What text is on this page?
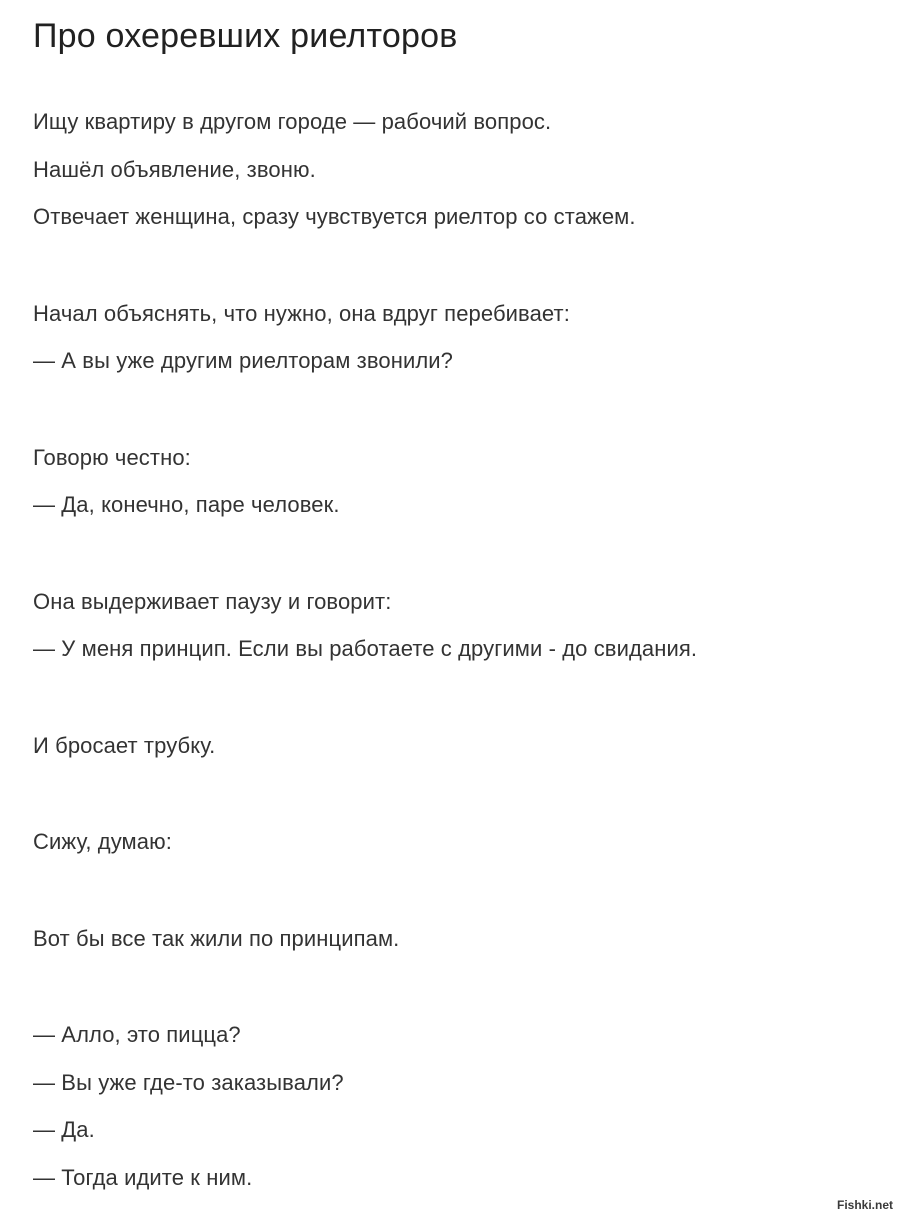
Про охеревших риелторов

Ищу квартиру в другом городе — рабочий вопрос.

Нашёл объявление, звоню.

Отвечает женщина, сразу чувствуется риелтор со стажем.

Начал объяснять, что нужно, она вдруг перебивает:

— А вы уже другим риелторам звонили?

Говорю честно:

— Да, конечно, паре человек.

Она выдерживает паузу и говорит:

— У меня принцип. Если вы работаете с другими - до свидания.

И бросает трубку.

Сижу, думаю:

Вот бы все так жили по принципам.

— Алло, это пицца?

— Вы уже где-то заказывали?

— Да.

— Тогда идите к ним.

Fishki.net
